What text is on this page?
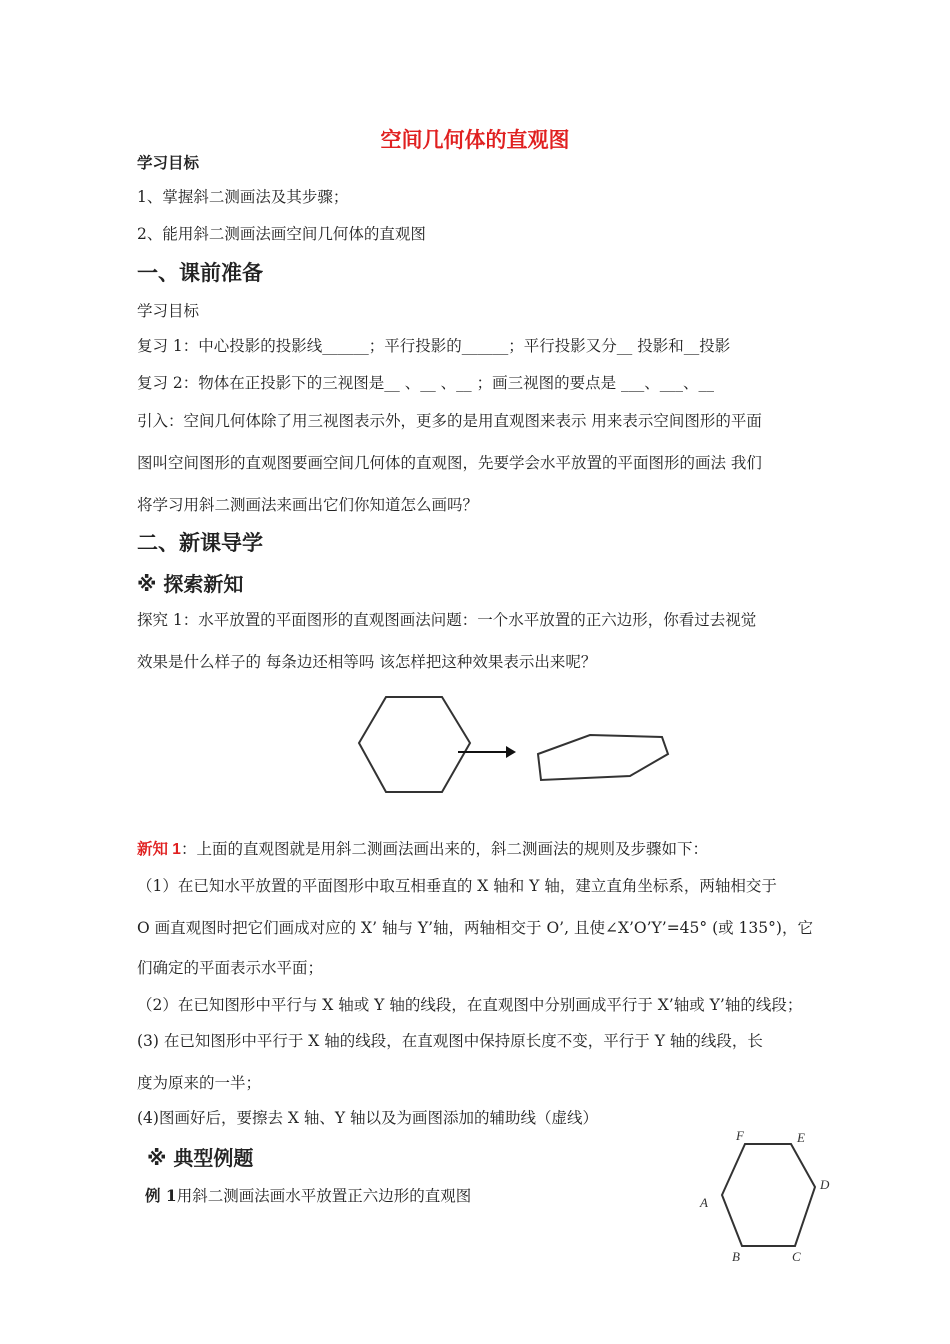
空间几何体的直观图
学习目标
1、掌握斜二测画法及其步骤；
2、能用斜二测画法画空间几何体的直观图
一、课前准备
学习目标
复习 1：中心投影的投影线______；平行投影的______；平行投影又分__ 投影和__投影
复习 2：物体在正投影下的三视图是__ 、__ 、__ ；画三视图的要点是 ___、___、__
引入：空间几何体除了用三视图表示外，更多的是用直观图来表示 用来表示空间图形的平面
图叫空间图形的直观图要画空间几何体的直观图，先要学会水平放置的平面图形的画法 我们
将学习用斜二测画法来画出它们你知道怎么画吗？
二、新课导学
※ 探索新知
探究 1：水平放置的平面图形的直观图画法问题：一个水平放置的正六边形，你看过去视觉
效果是什么样子的 每条边还相等吗 该怎样把这种效果表示出来呢？
新知 1：上面的直观图就是用斜二测画法画出来的，斜二测画法的规则及步骤如下：
（1）在已知水平放置的平面图形中取互相垂直的 X 轴和 Y 轴，建立直角坐标系，两轴相交于
O 画直观图时把它们画成对应的 X’ 轴与 Y’轴，两轴相交于 O’, 且使∠X’O’Y’=45° (或 135°)，它
们确定的平面表示水平面；
（2）在已知图形中平行与 X 轴或 Y 轴的线段，在直观图中分别画成平行于 X’轴或 Y’轴的线段；
(3) 在已知图形中平行于 X 轴的线段，在直观图中保持原长度不变，平行于 Y 轴的线段，长
度为原来的一半；
(4)图画好后，要擦去 X 轴、Y 轴以及为画图添加的辅助线（虚线）
※ 典型例题
例 1用斜二测画法画水平放置正六边形的直观图	A
B	C
D
E
F
